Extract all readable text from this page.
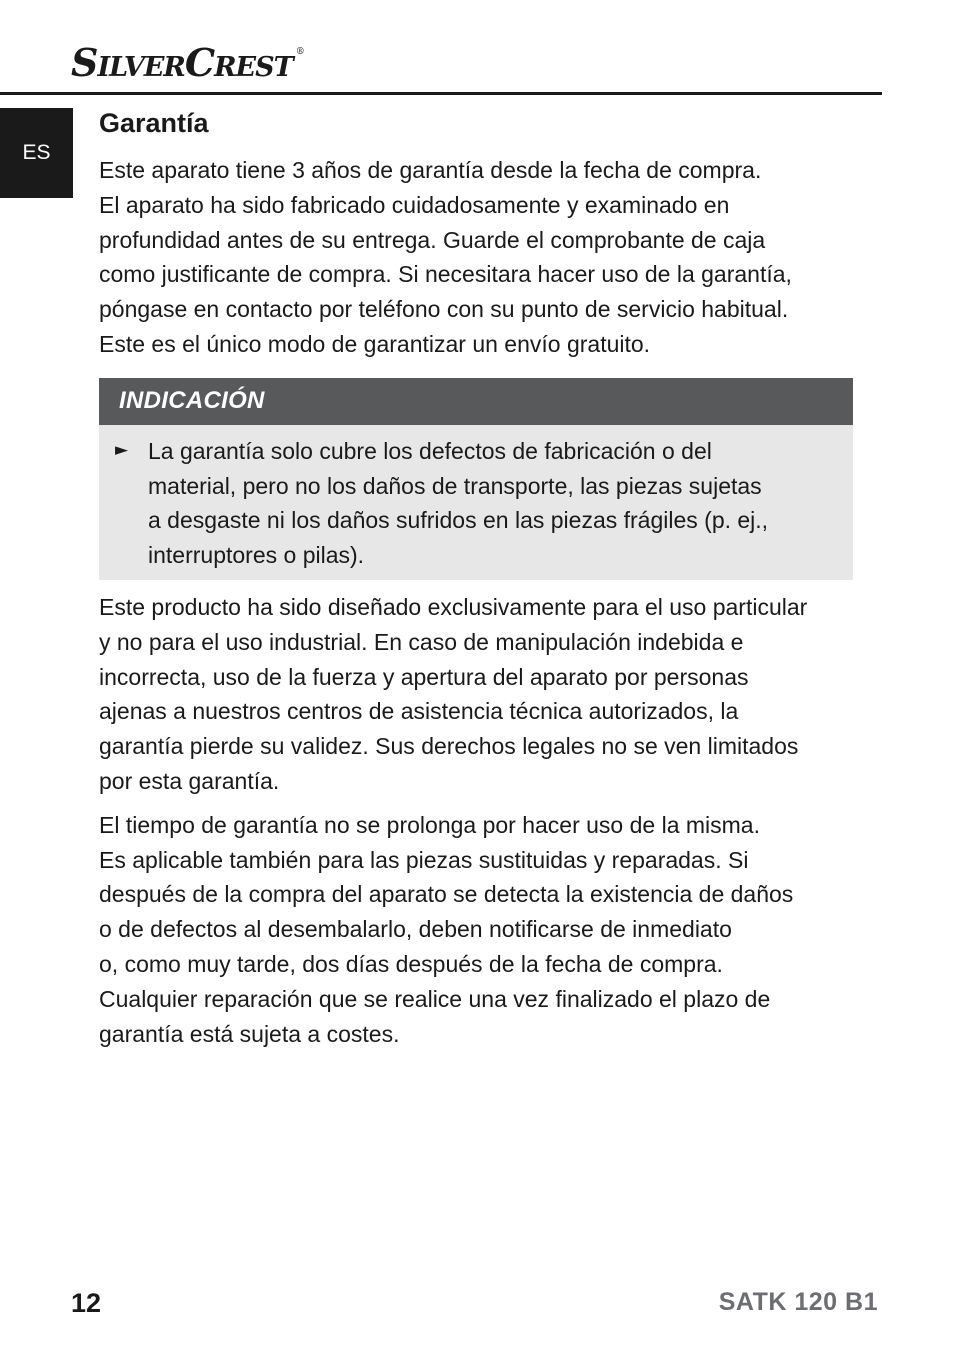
SILVERCREST ®
ES
Garantía

Este aparato tiene 3 años de garantía desde la fecha de compra.
El aparato ha sido fabricado cuidadosamente y examinado en
profundidad antes de su entrega. Guarde el comprobante de caja
como justificante de compra. Si necesitara hacer uso de la garantía,
póngase en contacto por teléfono con su punto de servicio habitual.
Este es el único modo de garantizar un envío gratuito.

INDICACIÓN
► La garantía solo cubre los defectos de fabricación o del
material, pero no los daños de transporte, las piezas sujetas
a desgaste ni los daños sufridos en las piezas frágiles (p. ej.,
interruptores o pilas).

Este producto ha sido diseñado exclusivamente para el uso particular
y no para el uso industrial. En caso de manipulación indebida e
incorrecta, uso de la fuerza y apertura del aparato por personas
ajenas a nuestros centros de asistencia técnica autorizados, la
garantía pierde su validez. Sus derechos legales no se ven limitados
por esta garantía.

El tiempo de garantía no se prolonga por hacer uso de la misma.
Es aplicable también para las piezas sustituidas y reparadas. Si
después de la compra del aparato se detecta la existencia de daños
o de defectos al desembalarlo, deben notificarse de inmediato
o, como muy tarde, dos días después de la fecha de compra.
Cualquier reparación que se realice una vez finalizado el plazo de
garantía está sujeta a costes.

12	SATK 120 B1
